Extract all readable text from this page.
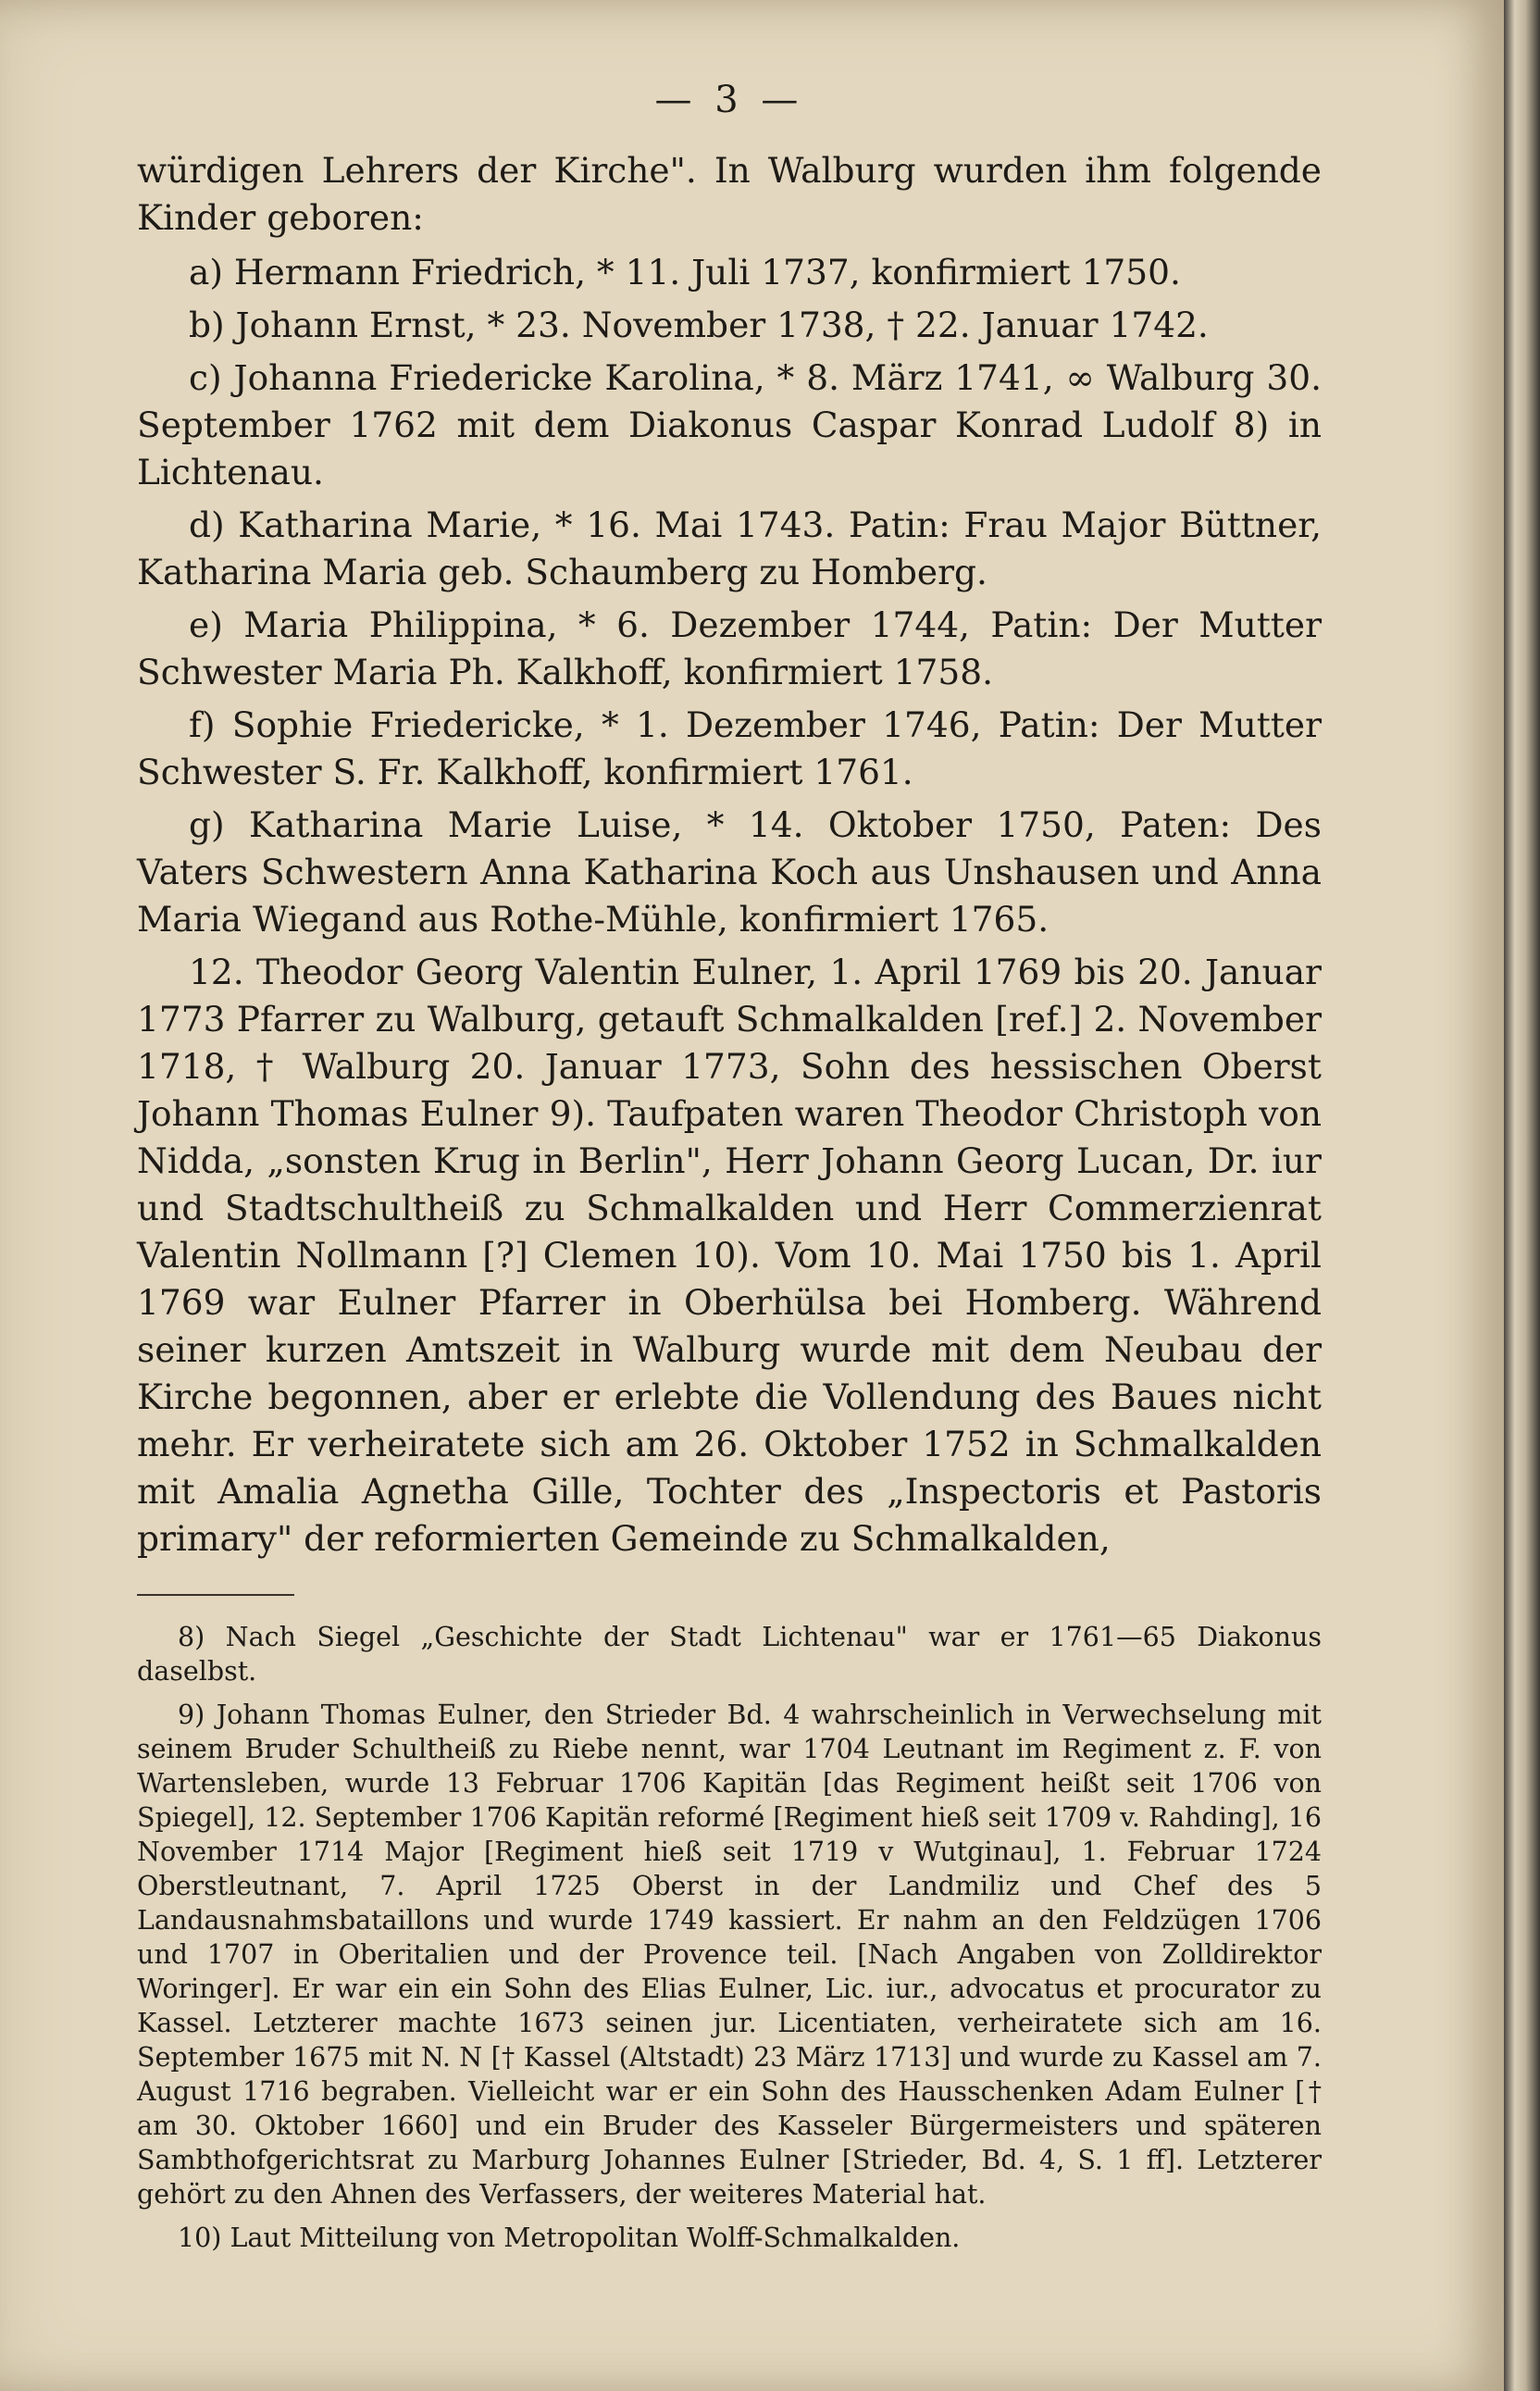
— 3 —

würdigen Lehrers der Kirche". In Walburg wurden ihm folgende Kinder geboren:

a) Hermann Friedrich, * 11. Juli 1737, konfirmiert 1750.

b) Johann Ernst, * 23. November 1738, † 22. Januar 1742.

c) Johanna Friedericke Karolina, * 8. März 1741, ∞ Walburg 30. September 1762 mit dem Diakonus Caspar Konrad Ludolf 8) in Lichtenau.

d) Katharina Marie, * 16. Mai 1743. Patin: Frau Major Büttner, Katharina Maria geb. Schaumberg zu Homberg.

e) Maria Philippina, * 6. Dezember 1744, Patin: Der Mutter Schwester Maria Ph. Kalkhoff, konfirmiert 1758.

f) Sophie Friedericke, * 1. Dezember 1746, Patin: Der Mutter Schwester S. Fr. Kalkhoff, konfirmiert 1761.

g) Katharina Marie Luise, * 14. Oktober 1750, Paten: Des Vaters Schwestern Anna Katharina Koch aus Unshausen und Anna Maria Wiegand aus Rothe-Mühle, konfirmiert 1765.

12. Theodor Georg Valentin Eulner, 1. April 1769 bis 20. Januar 1773 Pfarrer zu Walburg, getauft Schmalkalden [ref.] 2. November 1718, † Walburg 20. Januar 1773, Sohn des hessischen Oberst Johann Thomas Eulner 9). Taufpaten waren Theodor Christoph von Nidda, „sonsten Krug in Berlin", Herr Johann Georg Lucan, Dr. iur und Stadtschultheiß zu Schmalkalden und Herr Commerzienrat Valentin Nollmann [?] Clemen 10). Vom 10. Mai 1750 bis 1. April 1769 war Eulner Pfarrer in Oberhülsa bei Homberg. Während seiner kurzen Amtszeit in Walburg wurde mit dem Neubau der Kirche begonnen, aber er erlebte die Vollendung des Baues nicht mehr. Er verheiratete sich am 26. Oktober 1752 in Schmalkalden mit Amalia Agnetha Gille, Tochter des „Inspectoris et Pastoris primary" der reformierten Gemeinde zu Schmalkalden,

8) Nach Siegel „Geschichte der Stadt Lichtenau" war er 1761—65 Diakonus daselbst.

9) Johann Thomas Eulner, den Strieder Bd. 4 wahrscheinlich in Verwechselung mit seinem Bruder Schultheiß zu Riebe nennt, war 1704 Leutnant im Regiment z. F. von Wartensleben, wurde 13 Februar 1706 Kapitän [das Regiment heißt seit 1706 von Spiegel], 12. September 1706 Kapitän reformé [Regiment hieß seit 1709 v. Rahding], 16 November 1714 Major [Regiment hieß seit 1719 v Wutginau], 1. Februar 1724 Oberstleutnant, 7. April 1725 Oberst in der Landmiliz und Chef des 5 Landausnahmsbataillons und wurde 1749 kassiert. Er nahm an den Feldzügen 1706 und 1707 in Oberitalien und der Provence teil. [Nach Angaben von Zolldirektor Woringer]. Er war ein ein Sohn des Elias Eulner, Lic. iur., advocatus et procurator zu Kassel. Letzterer machte 1673 seinen jur. Licentiaten, verheiratete sich am 16. September 1675 mit N. N [† Kassel (Altstadt) 23 März 1713] und wurde zu Kassel am 7. August 1716 begraben. Vielleicht war er ein Sohn des Hausschenken Adam Eulner [† am 30. Oktober 1660] und ein Bruder des Kasseler Bürgermeisters und späteren Sambthofgerichtsrat zu Marburg Johannes Eulner [Strieder, Bd. 4, S. 1 ff]. Letzterer gehört zu den Ahnen des Verfassers, der weiteres Material hat.

10) Laut Mitteilung von Metropolitan Wolff-Schmalkalden.
